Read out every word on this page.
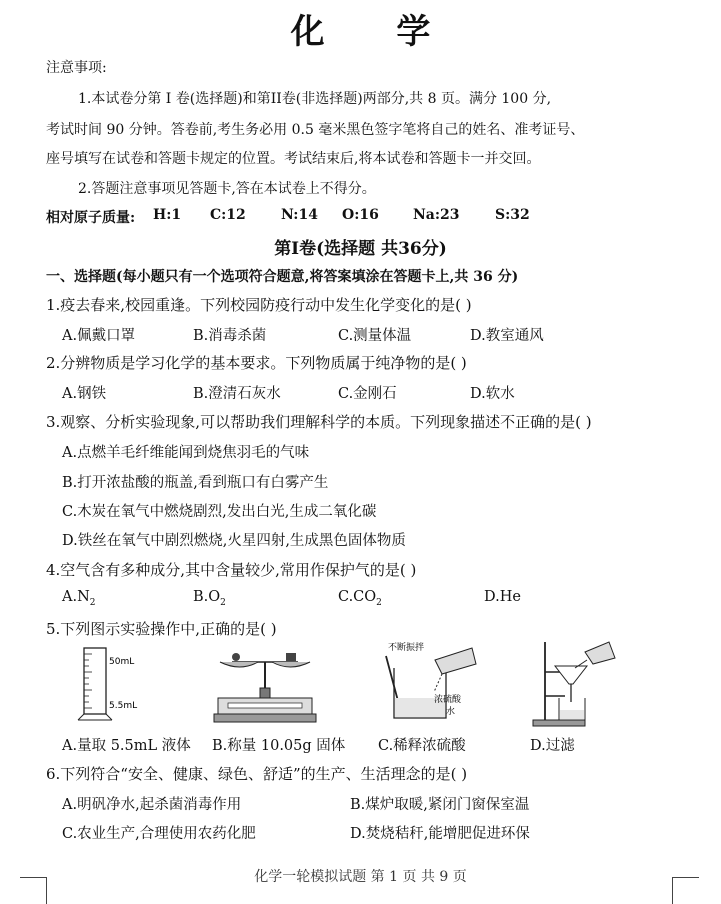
化 学
注意事项:
1.本试卷分第 I 卷(选择题)和第II卷(非选择题)两部分,共 8 页。满分 100 分,
考试时间 90 分钟。答卷前,考生务必用 0.5 毫米黑色签字笔将自己的姓名、准考证号、
座号填写在试卷和答题卡规定的位置。考试结束后,将本试卷和答题卡一并交回。
2.答题注意事项见答题卡,答在本试卷上不得分。
相对原子质量: H:1 C:12	N:14 O:16 Na:23	S:32
第I卷(选择题 共36分)
一、选择题(每小题只有一个选项符合题意,将答案填涂在答题卡上,共 36 分)
1.疫去春来,校园重逢。下列校园防疫行动中发生化学变化的是( )
A.佩戴口罩	B.消毒杀菌	C.测量体温	D.教室通风
2.分辨物质是学习化学的基本要求。下列物质属于纯净物的是( )
A.钢铁	B.澄清石灰水	C.金刚石	D.软水
3.观察、分析实验现象,可以帮助我们理解科学的本质。下列现象描述不正确的是( )
A.点燃羊毛纤维能闻到烧焦羽毛的气味
B.打开浓盐酸的瓶盖,看到瓶口有白雾产生
C.木炭在氧气中燃烧剧烈,发出白光,生成二氧化碳
D.铁丝在氧气中剧烈燃烧,火星四射,生成黑色固体物质
4.空气含有多种成分,其中含量较少,常用作保护气的是( )
$A.N_2$	$B.O_2$	$C.CO_2$	D.He
5.下列图示实验操作中,正确的是( )
50mL
5.5mL
不断振拌
浓硫酸
水
A.量取 5.5mL 液体 B.称量 10.05g 固体 C.稀释浓硫酸	D.过滤
6.下列符合“安全、健康、绿色、舒适”的生产、生活理念的是( )
A.明矾净水,起杀菌消毒作用	B.煤炉取暖,紧闭门窗保室温
C.农业生产,合理使用农药化肥	D.焚烧秸秆,能增肥促进环保
化学一轮模拟试题 第 1 页 共 9 页
